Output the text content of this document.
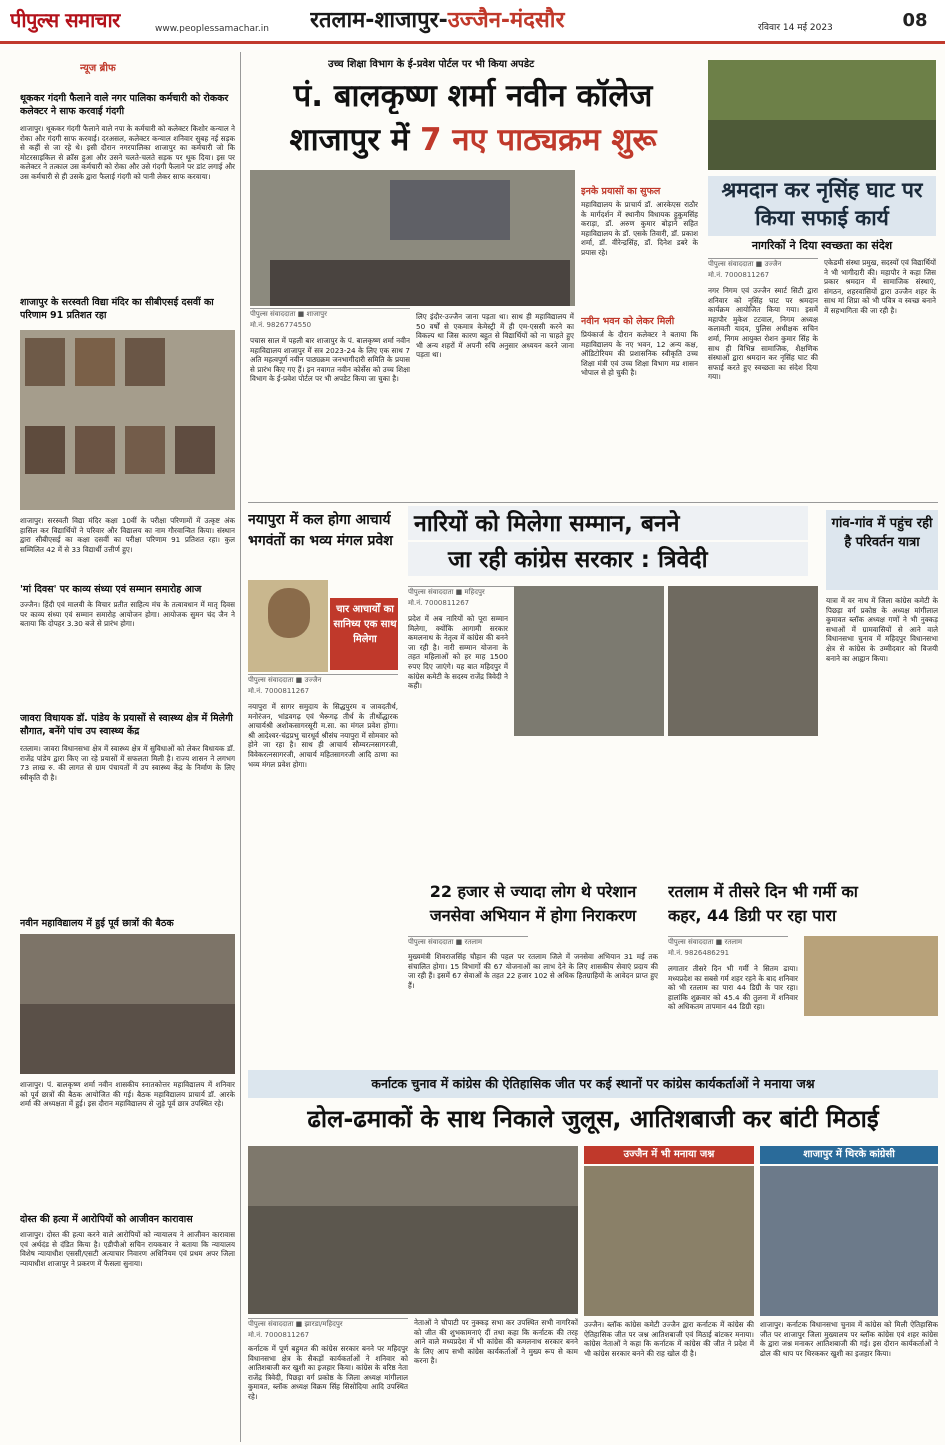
पीपुल्स समाचार	www.peoplessamachar.in रतलाम-शाजापुर-उज्जैन-मंदसौर	रविवार 14 मई 2023	08
न्यूज ब्रीफ
थूककर गंदगी फैलाने वाले नगर पालिका कर्मचारी को रोककर कलेक्टर ने साफ करवाई गंदगी
शाजापुर। थूककर गंदगी फैलाने वाले नपा के कर्मचारी को कलेक्टर किशोर कन्याल ने रोका और गंदगी साफ करवाई। दरअसल, कलेक्टर कन्याल शनिवार सुबह नई सड़क से कहीं से जा रहे थे। इसी दौरान नगरपालिका शाजापुर का कर्मचारी जो कि मोटरसाइकिल से क्रॉस हुआ और उसने चलते-चलते सड़क पर थूक दिया। इस पर कलेक्टर ने तत्काल उस कर्मचारी को रोका और उसे गंदगी फैलाने पर डांट लगाई और उस कर्मचारी से ही उसके द्वारा फैलाई गंदगी को पानी लेकर साफ करवाया।
शाजापुर के सरस्वती विद्या मंदिर का सीबीएसई दसवीं का परिणाम 91 प्रतिशत रहा
शाजापुर। सरस्वती विद्या मंदिर कक्षा 10वीं के परीक्षा परिणामों में उत्कृष्ट अंक हासिल कर विद्यार्थियों ने परिवार और विद्यालय का नाम गौरवान्वित किया। संस्थान द्वारा सीबीएसई का कक्षा दसवीं का परीक्षा परिणाम 91 प्रतिशत रहा। कुल सम्मिलित 42 में से 33 विद्यार्थी उत्तीर्ण हुए।
'मां दिवस' पर काव्य संध्या एवं सम्मान समारोह आज
उज्जैन। हिंदी एवं मालवी के विचार प्रतीत साहित्य मंच के तत्वावधान में मातृ दिवस पर काव्य संध्या एवं सम्मान समारोह आयोजन होगा। आयोजक सुमन चंद जैन ने बताया कि दोपहर 3.30 बजे से प्रारंभ होगा।
जावरा विधायक डॉ. पांडेय के प्रयासों से स्वास्थ्य क्षेत्र में मिलेगी सौगात, बनेंगे पांच उप स्वास्थ्य केंद्र
रतलाम। जावरा विधानसभा क्षेत्र में स्वास्थ्य क्षेत्र में सुविधाओं को लेकर विधायक डॉ. राजेंद्र पांडेय द्वारा किए जा रहे प्रयासों में सफलता मिली है। राज्य शासन ने लगभग 73 लाख रु. की लागत से ग्राम पंचायतों में उप स्वास्थ्य केंद्र के निर्माण के लिए स्वीकृति दी है।
नवीन महाविद्यालय में हुई पूर्व छात्रों की बैठक
शाजापुर। पं. बालकृष्ण शर्मा नवीन शासकीय स्नातकोत्तर महाविद्यालय में शनिवार को पूर्व छात्रों की बैठक आयोजित की गई। बैठक महाविद्यालय प्राचार्य डॉ. आरके शर्मा की अध्यक्षता में हुई। इस दौरान महाविद्यालय से जुड़े पूर्व छात्र उपस्थित रहे।
दोस्त की हत्या में आरोपियों को आजीवन कारावास
शाजापुर। दोस्त की हत्या करने वाले आरोपियों को न्यायालय ने आजीवन कारावास एवं अर्थदंड से दंडित किया है। एडीपीओ सचिन रायकवार ने बताया कि न्यायालय विशेष न्यायाधीश एससी/एसटी अत्याचार निवारण अधिनियम एवं प्रथम अपर जिला न्यायाधीश शाजापुर ने प्रकरण में फैसला सुनाया।
उच्च शिक्षा विभाग के ई-प्रवेश पोर्टल पर भी किया अपडेट
पं. बालकृष्ण शर्मा नवीन कॉलेज
शाजापुर में 7 नए पाठ्यक्रम शुरू
पीपुल्स संवाददाता ■ शाजापुर
मो.नं. 9826774550
पचास साल में पहली बार शाजापुर के पं. बालकृष्ण शर्मा नवीन महाविद्यालय शाजापुर में सत्र 2023-24 के लिए एक साथ 7 अति महत्वपूर्ण नवीन पाठ्यक्रम जनभागीदारी समिति के प्रयास से प्रारंभ किए गए हैं। इन नवागत नवीन कोर्सेस को उच्च शिक्षा विभाग के ई-प्रवेश पोर्टल पर भी अपडेट किया जा चुका है।
लिए इंदौर-उज्जैन जाना पड़ता था। साथ ही महाविद्यालय में 50 वर्षों से एकमात्र केमेस्ट्री में ही एम-एससी करने का विकल्प था जिस कारण बहुत से विद्यार्थियों को ना चाहते हुए भी अन्य शहरों में अपनी रुचि अनुसार अध्ययन करने जाना पड़ता था।
इनके प्रयासों का सुफल
महाविद्यालय के प्राचार्य डॉ. आरकेएस राठौर के मार्गदर्शन में स्थानीय विधायक हुकुमसिंह कराड़ा, डॉ. अरुण कुमार बोड़ाने सहित महाविद्यालय के डॉ. एसके तिवारी, डॉ. प्रकाश शर्मा, डॉ. वीरेन्द्रसिंह, डॉ. दिनेश डबरे के प्रयास रहे।
नवीन भवन को लेकर मिली
प्रियंकार्ज के दौरान कलेक्टर ने बताया कि महाविद्यालय के नए भवन, 12 अन्य कक्ष, ऑडिटोरियम की प्रशासनिक स्वीकृति उच्च शिक्षा मंत्री एवं उच्च शिक्षा विभाग मप्र शासन भोपाल से हो चुकी है।
श्रमदान कर नृसिंह घाट पर किया सफाई कार्य
नागरिकों ने दिया स्वच्छता का संदेश
पीपुल्स संवाददाता ■ उज्जैन
मो.नं. 7000811267
नगर निगम एवं उज्जैन स्मार्ट सिटी द्वारा शनिवार को नृसिंह घाट पर श्रमदान कार्यक्रम आयोजित किया गया। इसमें महापौर मुकेश टटवाल, निगम अध्यक्ष कलावती यादव, पुलिस अधीक्षक सचिन शर्मा, निगम आयुक्त रोशन कुमार सिंह के साथ ही विभिन्न सामाजिक, शैक्षणिक संस्थाओं द्वारा श्रमदान कर नृसिंह घाट की सफाई करते हुए स्वच्छता का संदेश दिया गया।
एकेडमी संस्था प्रमुख, सदस्यों एवं विद्यार्थियों ने भी भागीदारी की। महापौर ने कहा जिस प्रकार श्रमदान में सामाजिक संस्थाएं, संगठन, शहरवासियों द्वारा उज्जैन शहर के साथ मां शिप्रा को भी पवित्र व स्वच्छ बनाने में सहभागिता की जा रही है।
नयापुरा में कल होगा आचार्य भगवंतों का भव्य मंगल प्रवेश
चार आचार्यों का सानिध्य एक साथ मिलेगा
पीपुल्स संवाददाता ■ उज्जैन
मो.नं. 7000811267
नयापुरा में सागर समुदाय के सिद्धपुरम व जावदतीर्थ, मनोरंजन, भांडवगढ़ एवं भैरूगढ़ तीर्थ के तीर्थोद्धारक आचार्यश्री अशोकसागरसूरी म.सा. का मंगल प्रवेश होगा। श्री आदेश्वर-चंद्रप्रभु चारधूर्व श्रीसंघ नयापुरा में सोमवार को होने जा रहा है। साथ ही आचार्य सौम्यरत्नसागरजी, विवेकरत्नसागरजी, आचार्य महितसागरजी आदि ठाणा का भव्य मंगल प्रवेश होगा।
नारियों को मिलेगा सम्मान, बनने
जा रही कांग्रेस सरकार : त्रिवेदी
पीपुल्स संवाददाता ■ महिदपुर
मो.नं. 7000811267
प्रदेश में अब नारियों को पूरा सम्मान मिलेगा, क्योंकि आगामी सरकार कमलनाथ के नेतृत्व में कांग्रेस की बनने जा रही है। नारी सम्मान योजना के तहत महिलाओं को हर माह 1500 रुपए दिए जाएंगे। यह बात महिदपुर में कांग्रेस कमेटी के सदस्य राजेंद्र त्रिवेदी ने कही।
गांव-गांव में पहुंच रही है परिवर्तन यात्रा
यात्रा में वर नाथ में जिला कांग्रेस कमेटी के पिछड़ा वर्ग प्रकोष्ठ के अध्यक्ष मांगीलाल कुमावत ब्लॉक अध्यक्ष गणों ने भी नुक्कड़ सभाओं में ग्रामवासियों से आने वाले विधानसभा चुनाव में महिदपुर विधानसभा क्षेत्र से कांग्रेस के उम्मीदवार को विजयी बनाने का आह्वान किया।
22 हजार से ज्यादा लोग थे परेशान
जनसेवा अभियान में होगा निराकरण
पीपुल्स संवाददाता ■ रतलाम
मुख्यमंत्री शिवराजसिंह चौहान की पहल पर रतलाम जिले में जनसेवा अभियान 31 मई तक संचालित होगा। 15 विभागों की 67 योजनाओं का लाभ देने के लिए शासकीय सेवाएं प्रदाय की जा रही हैं। इसमें 67 सेवाओं के तहत 22 हजार 102 से अधिक हितग्राहियों के आवेदन प्राप्त हुए हैं।
रतलाम में तीसरे दिन भी गर्मी का
कहर, 44 डिग्री पर रहा पारा
पीपुल्स संवाददाता ■ रतलाम
मो.नं. 9826486291
लगातार तीसरे दिन भी गर्मी ने सितम ढाया। मध्यप्रदेश का सबसे गर्म शहर रहने के बाद शनिवार को भी रतलाम का पारा 44 डिग्री के पार रहा। हालांकि शुक्रवार को 45.4 की तुलना में शनिवार को अधिकतम तापमान 44 डिग्री रहा।
कर्नाटक चुनाव में कांग्रेस की ऐतिहासिक जीत पर कई स्थानों पर कांग्रेस कार्यकर्ताओं ने मनाया जश्न
ढोल-ढमाकों के साथ निकाले जुलूस, आतिशबाजी कर बांटी मिठाई
पीपुल्स संवाददाता ■ झारडा/महिदपुर
मो.नं. 7000811267
कर्नाटक में पूर्ण बहुमत की कांग्रेस सरकार बनने पर महिदपुर विधानसभा क्षेत्र के सैकड़ों कार्यकर्ताओं ने शनिवार को आतिशबाजी कर खुशी का इजहार किया। कांग्रेस के वरिष्ठ नेता राजेंद्र त्रिवेदी, पिछड़ा वर्ग प्रकोष्ठ के जिला अध्यक्ष मांगीलाल कुमावत, ब्लॉक अध्यक्ष विक्रम सिंह सिसोदिया आदि उपस्थित रहे।
नेताओं ने चौपाटी पर नुक्कड़ सभा कर उपस्थित सभी नागरिकों को जीत की शुभकामनाएं दीं तथा कहा कि कर्नाटक की तरह आने वाले मध्यप्रदेश में भी कांग्रेस की कमलनाथ सरकार बनने के लिए आप सभी कांग्रेस कार्यकर्ताओं ने मुख्य रूप से काम करना है।
उज्जैन में भी मनाया जश्न
उज्जैन। ब्लॉक कांग्रेस कमेटी उज्जैन द्वारा कर्नाटक में कांग्रेस की ऐतिहासिक जीत पर जश्न आतिशबाजी एवं मिठाई बांटकर मनाया। कांग्रेस नेताओं ने कहा कि कर्नाटक में कांग्रेस की जीत ने प्रदेश में भी कांग्रेस सरकार बनने की राह खोल दी है।
शाजापुर में थिरके कांग्रेसी
शाजापुर। कर्नाटक विधानसभा चुनाव में कांग्रेस को मिली ऐतिहासिक जीत पर शाजापुर जिला मुख्यालय पर ब्लॉक कांग्रेस एवं शहर कांग्रेस के द्वारा जश्न मनाकर आतिशबाजी की गई। इस दौरान कार्यकर्ताओं ने ढोल की थाप पर थिरककर खुशी का इजहार किया।
